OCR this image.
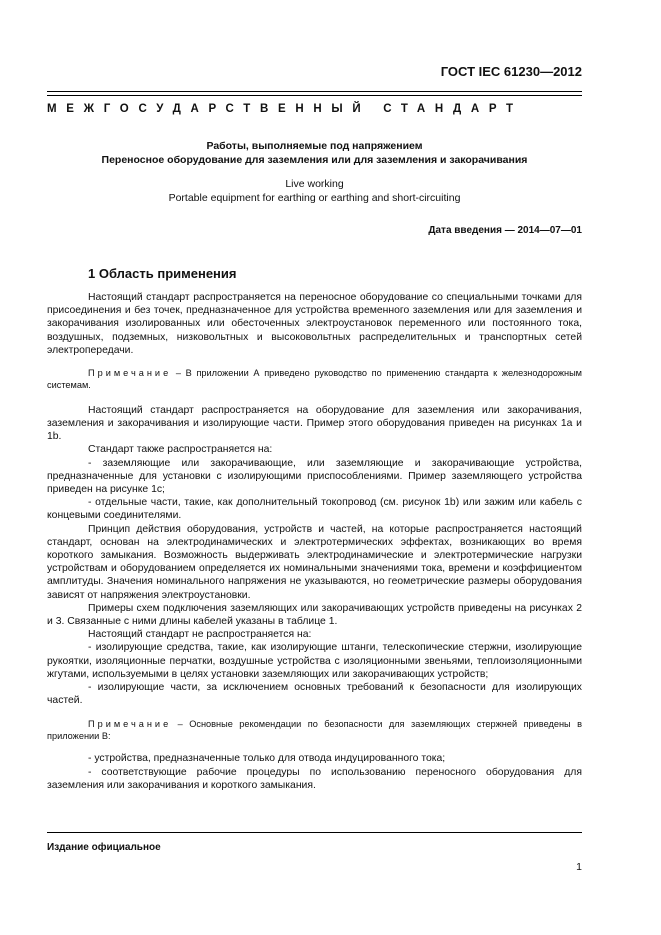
ГОСТ IEC 61230—2012
МЕЖГОСУДАРСТВЕННЫЙ СТАНДАРТ
Работы, выполняемые под напряжением
Переносное оборудование для заземления или для заземления и закорачивания
Live working
Portable equipment for earthing or earthing and short-circuiting
Дата введения — 2014—07—01
1 Область применения

Настоящий стандарт распространяется на переносное оборудование со специальными точками для присоединения и без точек, предназначенное для устройства временного заземления или для заземления и закорачивания изолированных или обесточенных электроустановок переменного или постоянного тока, воздушных, подземных, низковольтных и высоковольтных распределительных и транспортных сетей электропередачи.

Примечание – В приложении А приведено руководство по применению стандарта к железнодорожным системам.

Настоящий стандарт распространяется на оборудование для заземления или закорачивания, заземления и закорачивания и изолирующие части. Пример этого оборудования приведен на рисунках 1а и 1b.

Стандарт также распространяется на:

- заземляющие или закорачивающие, или заземляющие и закорачивающие устройства, предназначенные для установки с изолирующими приспособлениями. Пример заземляющего устройства приведен на рисунке 1с;

- отдельные части, такие, как дополнительный токопровод (см. рисунок 1b) или зажим или кабель с концевыми соединителями.

Принцип действия оборудования, устройств и частей, на которые распространяется настоящий стандарт, основан на электродинамических и электротермических эффектах, возникающих во время короткого замыкания. Возможность выдерживать электродинамические и электротермические нагрузки устройствам и оборудованием определяется их номинальными значениями тока, времени и коэффициентом амплитуды. Значения номинального напряжения не указываются, но геометрические размеры оборудования зависят от напряжения электроустановки.

Примеры схем подключения заземляющих или закорачивающих устройств приведены на рисунках 2 и 3. Связанные с ними длины кабелей указаны в таблице 1.

Настоящий стандарт не распространяется на:

- изолирующие средства, такие, как изолирующие штанги, телескопические стержни, изолирующие рукоятки, изоляционные перчатки, воздушные устройства с изоляционными звеньями, теплоизоляционными жгутами, используемыми в целях установки заземляющих или закорачивающих устройств;

- изолирующие части, за исключением основных требований к безопасности для изолирующих частей.

Примечание – Основные рекомендации по безопасности для заземляющих стержней приведены в приложении В:

- устройства, предназначенные только для отвода индуцированного тока;

- соответствующие рабочие процедуры по использованию переносного оборудования для заземления или закорачивания и короткого замыкания.

Издание официальное
1
